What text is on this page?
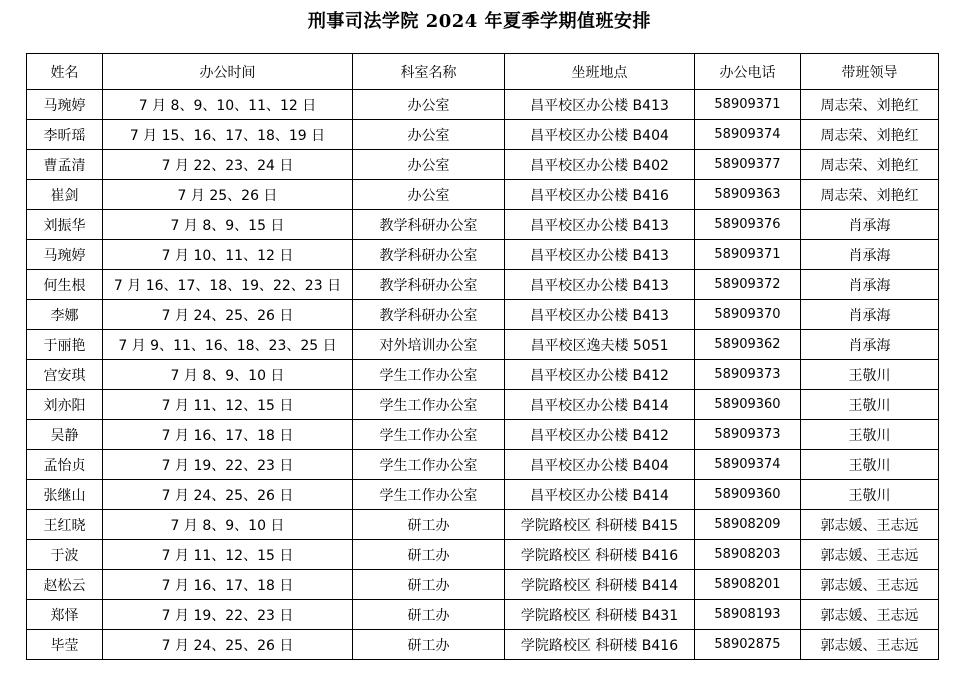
刑事司法学院 2024 年夏季学期值班安排
姓名	办公时间	科室名称	坐班地点	办公电话	带班领导
马琬婷	7 月 8、9、10、11、12 日	办公室	昌平校区办公楼 B413	58909371	周志荣、刘艳红
李昕瑶	7 月 15、16、17、18、19 日	办公室	昌平校区办公楼 B404	58909374	周志荣、刘艳红
曹孟清	7 月 22、23、24 日	办公室	昌平校区办公楼 B402	58909377	周志荣、刘艳红
崔剑	7 月 25、26 日	办公室	昌平校区办公楼 B416	58909363	周志荣、刘艳红
刘振华	7 月 8、9、15 日	教学科研办公室	昌平校区办公楼 B413	58909376	肖承海
马琬婷	7 月 10、11、12 日	教学科研办公室	昌平校区办公楼 B413	58909371	肖承海
何生根	7 月 16、17、18、19、22、23 日	教学科研办公室	昌平校区办公楼 B413	58909372	肖承海
李娜	7 月 24、25、26 日	教学科研办公室	昌平校区办公楼 B413	58909370	肖承海
于丽艳	7 月 9、11、16、18、23、25 日	对外培训办公室	昌平校区逸夫楼 5051	58909362	肖承海
宫安琪	7 月 8、9、10 日	学生工作办公室	昌平校区办公楼 B412	58909373	王敬川
刘亦阳	7 月 11、12、15 日	学生工作办公室	昌平校区办公楼 B414	58909360	王敬川
吴静	7 月 16、17、18 日	学生工作办公室	昌平校区办公楼 B412	58909373	王敬川
孟怡贞	7 月 19、22、23 日	学生工作办公室	昌平校区办公楼 B404	58909374	王敬川
张继山	7 月 24、25、26 日	学生工作办公室	昌平校区办公楼 B414	58909360	王敬川
王红晓	7 月 8、9、10 日	研工办	学院路校区 科研楼 B415	58908209	郭志媛、王志远
于波	7 月 11、12、15 日	研工办	学院路校区 科研楼 B416	58908203	郭志媛、王志远
赵松云	7 月 16、17、18 日	研工办	学院路校区 科研楼 B414	58908201	郭志媛、王志远
郑怿	7 月 19、22、23 日	研工办	学院路校区 科研楼 B431	58908193	郭志媛、王志远
毕莹	7 月 24、25、26 日	研工办	学院路校区 科研楼 B416	58902875	郭志媛、王志远
